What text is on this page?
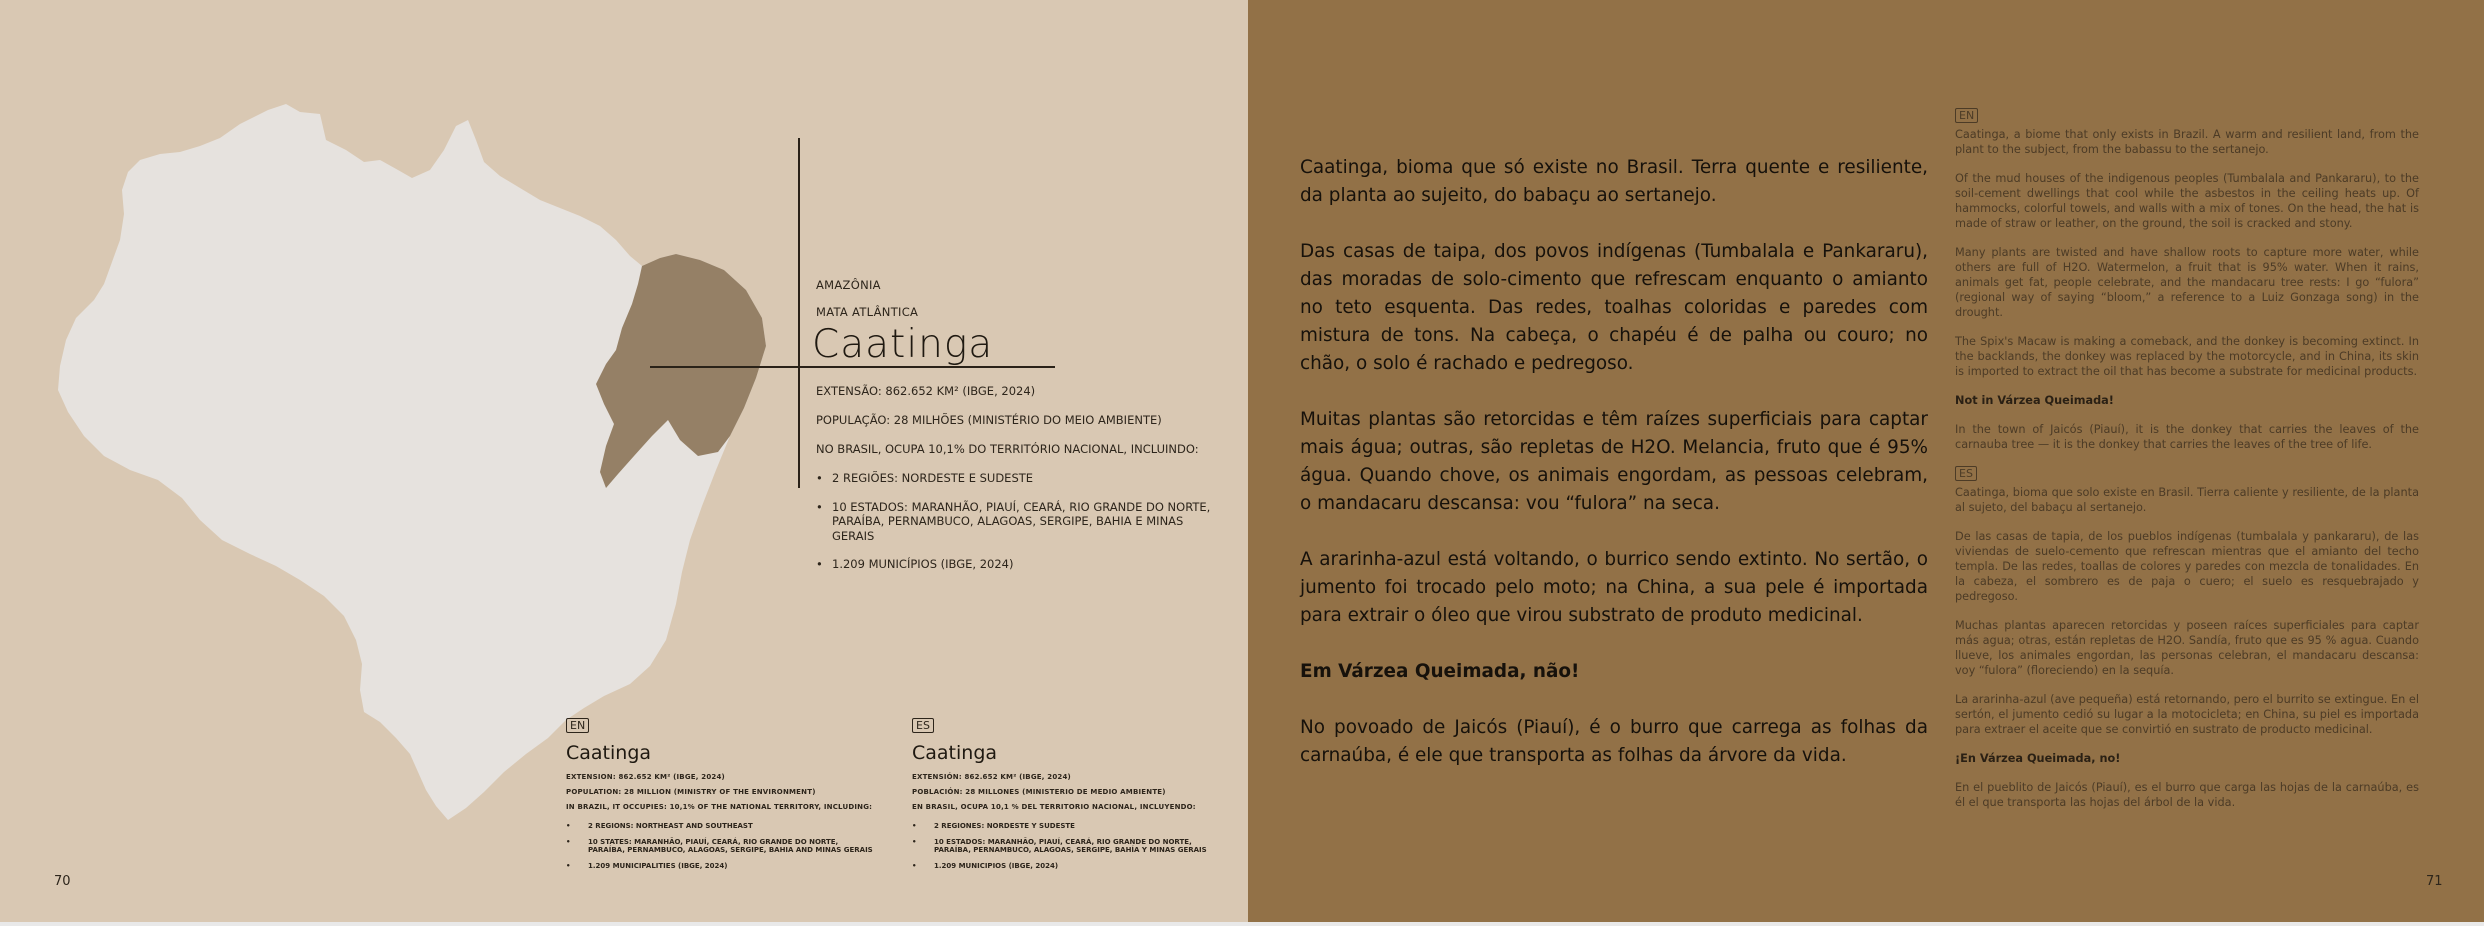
AMAZÔNIA
MATA ATLÂNTICA
Caatinga

EXTENSÃO: 862.652 KM² (IBGE, 2024)

POPULAÇÃO: 28 MILHÕES (MINISTÉRIO DO MEIO AMBIENTE)

NO BRASIL, OCUPA 10,1% DO TERRITÓRIO NACIONAL, INCLUINDO:

• 2 REGIÕES: NORDESTE E SUDESTE
• 10 ESTADOS: MARANHÃO, PIAUÍ, CEARÁ, RIO GRANDE DO NORTE, PARAÍBA, PERNAMBUCO, ALAGOAS, SERGIPE, BAHIA E MINAS GERAIS
• 1.209 MUNICÍPIOS (IBGE, 2024)
EN
Caatinga

EXTENSION: 862.652 KM² (IBGE, 2024)

POPULATION: 28 MILLION (MINISTRY OF THE ENVIRONMENT)

IN BRAZIL, IT OCCUPIES: 10,1% OF THE NATIONAL TERRITORY, INCLUDING:

• 2 REGIONS: NORTHEAST AND SOUTHEAST
• 10 STATES: MARANHÃO, PIAUÍ, CEARÁ, RIO GRANDE DO NORTE, PARAÍBA, PERNAMBUCO, ALAGOAS, SERGIPE, BAHIA AND MINAS GERAIS
• 1.209 MUNICIPALITIES (IBGE, 2024)
ES
Caatinga

EXTENSIÓN: 862.652 KM² (IBGE, 2024)

POBLACIÓN: 28 MILLONES (MINISTERIO DE MEDIO AMBIENTE)

EN BRASIL, OCUPA 10,1 % DEL TERRITORIO NACIONAL, INCLUYENDO:

• 2 REGIONES: NORDESTE Y SUDESTE
• 10 ESTADOS: MARANHÃO, PIAUÍ, CEARÁ, RIO GRANDE DO NORTE, PARAÍBA, PERNAMBUCO, ALAGOAS, SERGIPE, BAHÍA Y MINAS GERAIS
• 1.209 MUNICIPIOS (IBGE, 2024)
70

Caatinga, bioma que só existe no Brasil. Terra quente e resiliente, da planta ao sujeito, do babaçu ao sertanejo.

Das casas de taipa, dos povos indígenas (Tumbalala e Pankararu), das moradas de solo-cimento que refrescam enquanto o amianto no teto esquenta. Das redes, toalhas coloridas e paredes com mistura de tons. Na cabeça, o chapéu é de palha ou couro; no chão, o solo é rachado e pedregoso.

Muitas plantas são retorcidas e têm raízes superficiais para captar mais água; outras, são repletas de H2O. Melancia, fruto que é 95% água. Quando chove, os animais engordam, as pessoas celebram, o mandacaru descansa: vou “fulora” na seca.

A ararinha-azul está voltando, o burrico sendo extinto. No sertão, o jumento foi trocado pelo moto; na China, a sua pele é importada para extrair o óleo que virou substrato de produto medicinal.

Em Várzea Queimada, não!

No povoado de Jaicós (Piauí), é o burro que carrega as folhas da carnaúba, é ele que transporta as folhas da árvore da vida.

EN

Caatinga, a biome that only exists in Brazil. A warm and resilient land, from the plant to the subject, from the babassu to the sertanejo.

Of the mud houses of the indigenous peoples (Tumbalala and Pankararu), to the soil-cement dwellings that cool while the asbestos in the ceiling heats up. Of hammocks, colorful towels, and walls with a mix of tones. On the head, the hat is made of straw or leather, on the ground, the soil is cracked and stony.

Many plants are twisted and have shallow roots to capture more water, while others are full of H2O. Watermelon, a fruit that is 95% water. When it rains, animals get fat, people celebrate, and the mandacaru tree rests: I go “fulora” (regional way of saying “bloom,” a reference to a Luiz Gonzaga song) in the drought.

The Spix's Macaw is making a comeback, and the donkey is becoming extinct. In the backlands, the donkey was replaced by the motorcycle, and in China, its skin is imported to extract the oil that has become a substrate for medicinal products.

Not in Várzea Queimada!

In the town of Jaicós (Piauí), it is the donkey that carries the leaves of the carnauba tree — it is the donkey that carries the leaves of the tree of life.

ES

Caatinga, bioma que solo existe en Brasil. Tierra caliente y resiliente, de la planta al sujeto, del babaçu al sertanejo.

De las casas de tapia, de los pueblos indígenas (tumbalala y pankararu), de las viviendas de suelo-cemento que refrescan mientras que el amianto del techo templa. De las redes, toallas de colores y paredes con mezcla de tonalidades. En la cabeza, el sombrero es de paja o cuero; el suelo es resquebrajado y pedregoso.

Muchas plantas aparecen retorcidas y poseen raíces superficiales para captar más agua; otras, están repletas de H2O. Sandía, fruto que es 95 % agua. Cuando llueve, los animales engordan, las personas celebran, el mandacaru descansa: voy “fulora” (floreciendo) en la sequía.

La ararinha-azul (ave pequeña) está retornando, pero el burrito se extingue. En el sertón, el jumento cedió su lugar a la motocicleta; en China, su piel es importada para extraer el aceite que se convirtió en sustrato de producto medicinal.

¡En Várzea Queimada, no!

En el pueblito de Jaicós (Piauí), es el burro que carga las hojas de la carnaúba, es él el que transporta las hojas del árbol de la vida.

71
